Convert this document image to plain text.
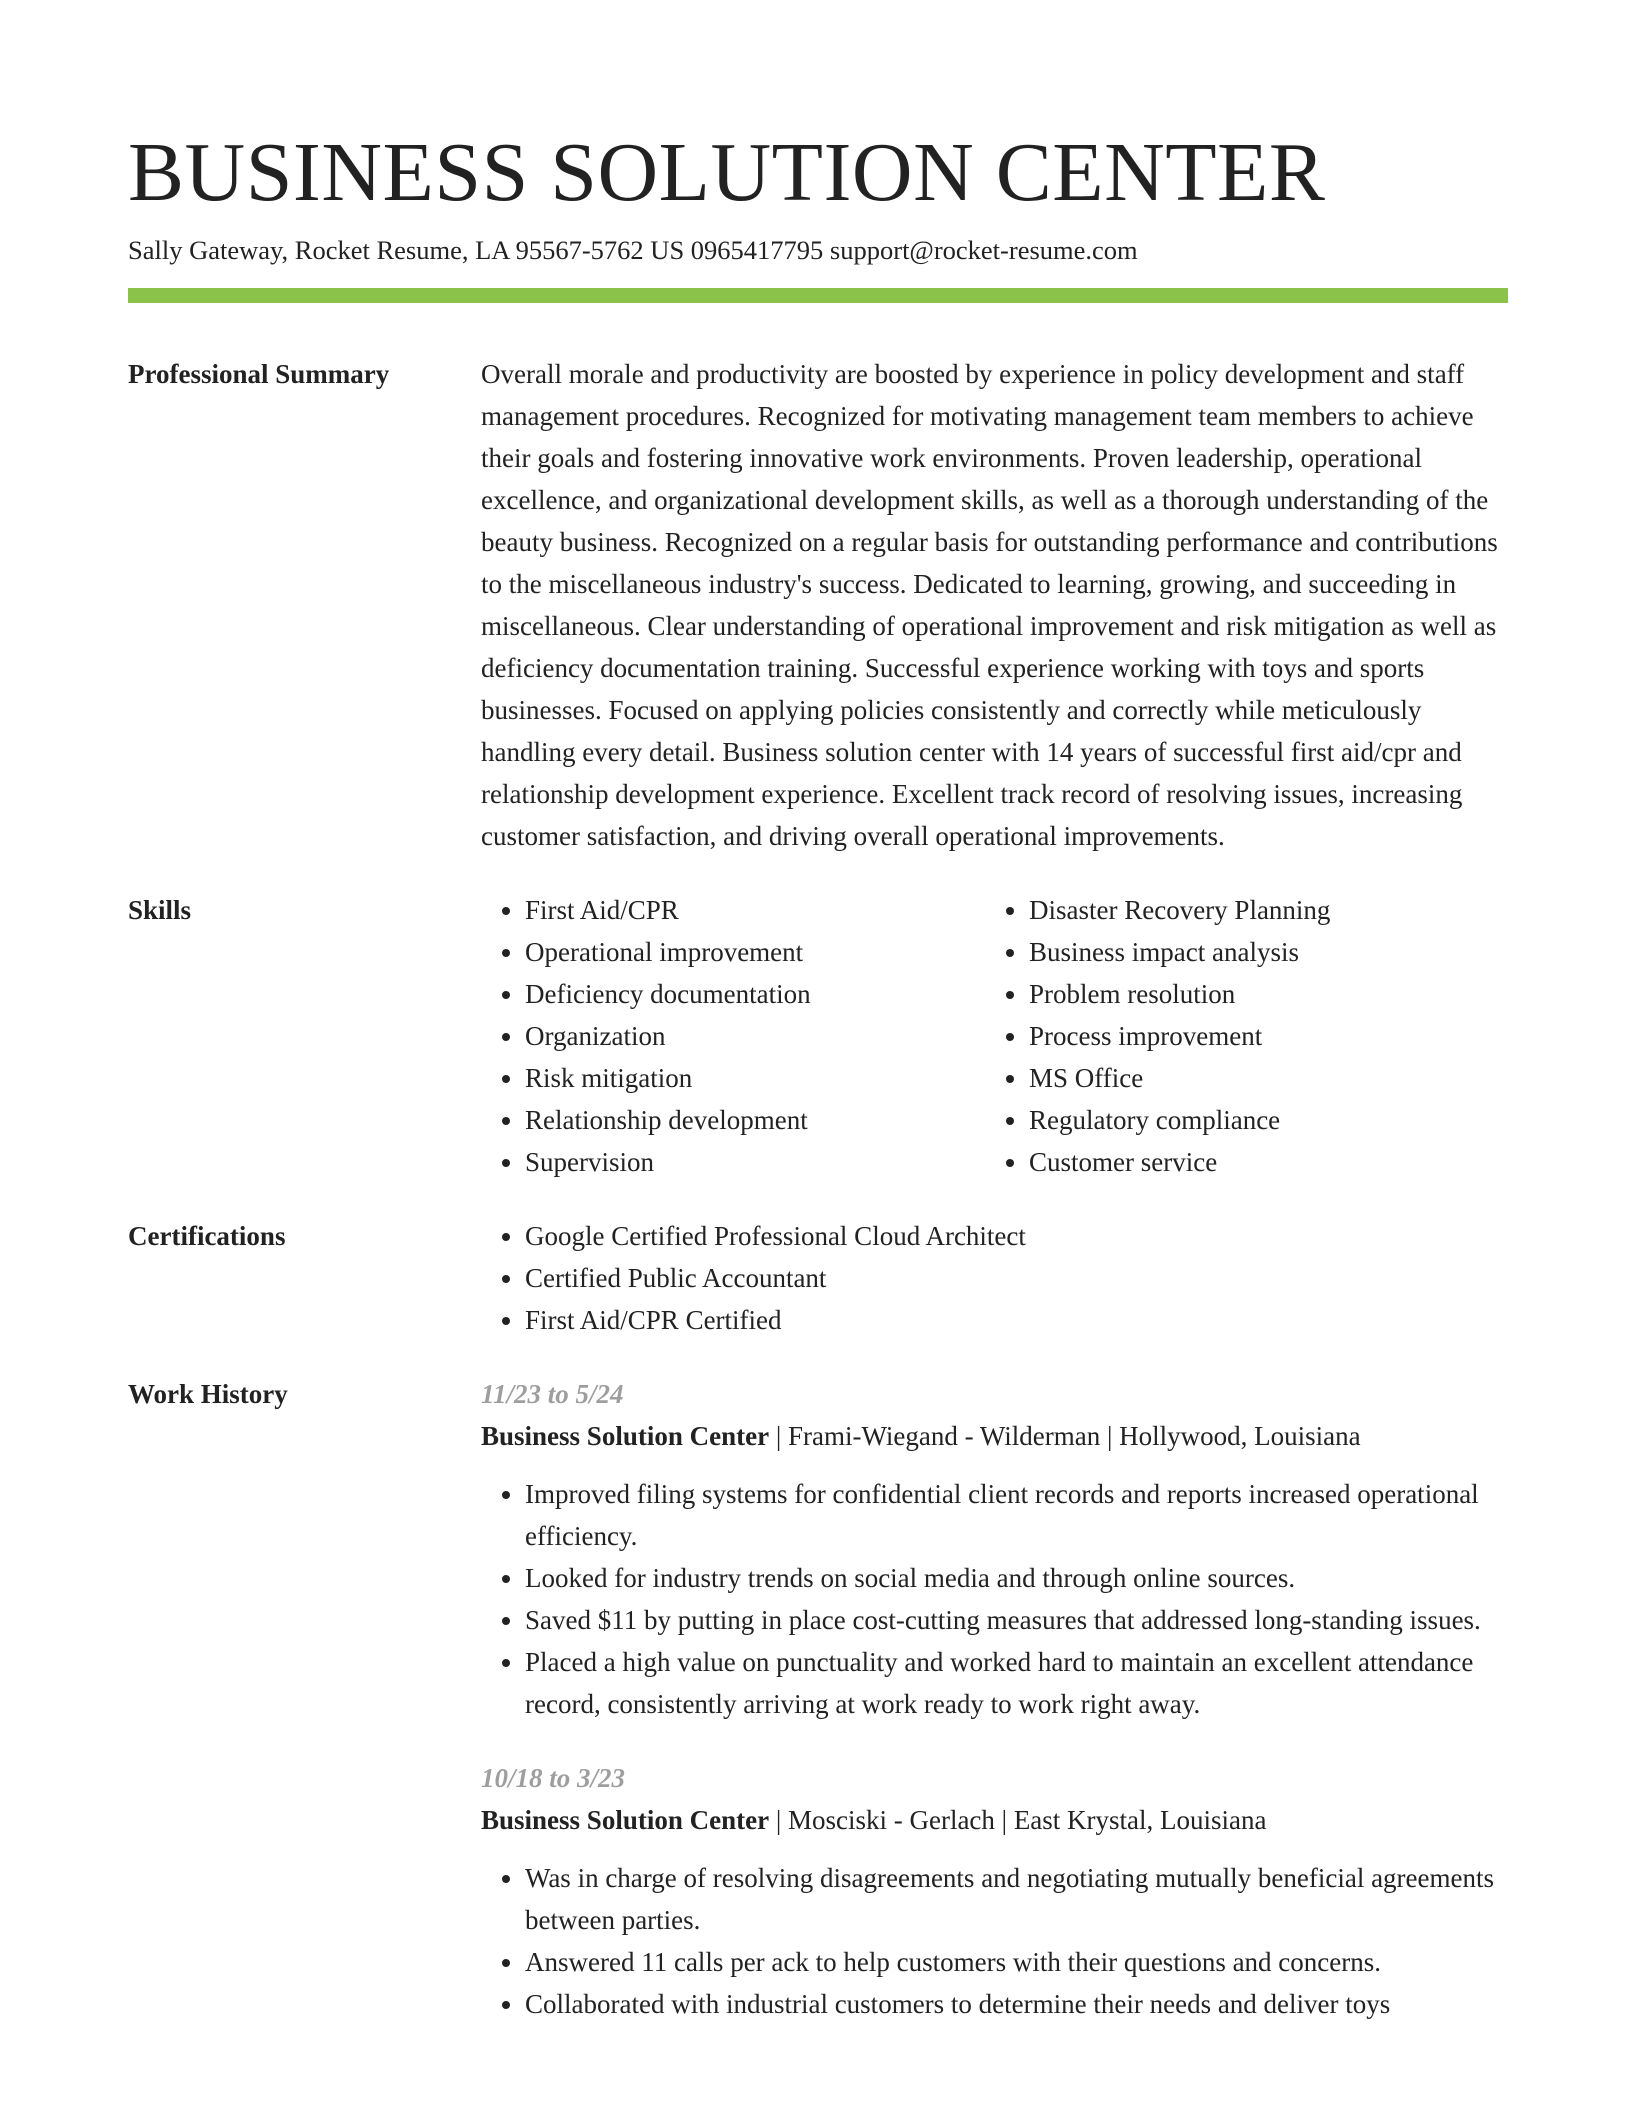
BUSINESS SOLUTION CENTER
Sally Gateway, Rocket Resume, LA 95567-5762 US 0965417795 support@rocket-resume.com
Professional Summary	Overall morale and productivity are boosted by experience in policy development and staff management procedures. Recognized for motivating management team members to achieve their goals and fostering innovative work environments. Proven leadership, operational excellence, and organizational development skills, as well as a thorough understanding of the beauty business. Recognized on a regular basis for outstanding performance and contributions to the miscellaneous industry's success. Dedicated to learning, growing, and succeeding in miscellaneous. Clear understanding of operational improvement and risk mitigation as well as deficiency documentation training. Successful experience working with toys and sports businesses. Focused on applying policies consistently and correctly while meticulously handling every detail. Business solution center with 14 years of successful first aid/cpr and relationship development experience. Excellent track record of resolving issues, increasing customer satisfaction, and driving overall operational improvements.

Skills	• First Aid/CPR
• Operational improvement
• Deficiency documentation
• Organization
• Risk mitigation
• Relationship development
• Supervision
• Disaster Recovery Planning
• Business impact analysis
• Problem resolution
• Process improvement
• MS Office
• Regulatory compliance
• Customer service
Certifications	• Google Certified Professional Cloud Architect
• Certified Public Accountant
• First Aid/CPR Certified
Work History	11/23 to 5/24
Business Solution Center | Frami-Wiegand - Wilderman | Hollywood, Louisiana
• Improved filing systems for confidential client records and reports increased operational efficiency.
• Looked for industry trends on social media and through online sources.
• Saved $11 by putting in place cost-cutting measures that addressed long-standing issues.
• Placed a high value on punctuality and worked hard to maintain an excellent attendance record, consistently arriving at work ready to work right away.
10/18 to 3/23
Business Solution Center | Mosciski - Gerlach | East Krystal, Louisiana
• Was in charge of resolving disagreements and negotiating mutually beneficial agreements between parties.
• Answered 11 calls per ack to help customers with their questions and concerns.
• Collaborated with industrial customers to determine their needs and deliver toys
